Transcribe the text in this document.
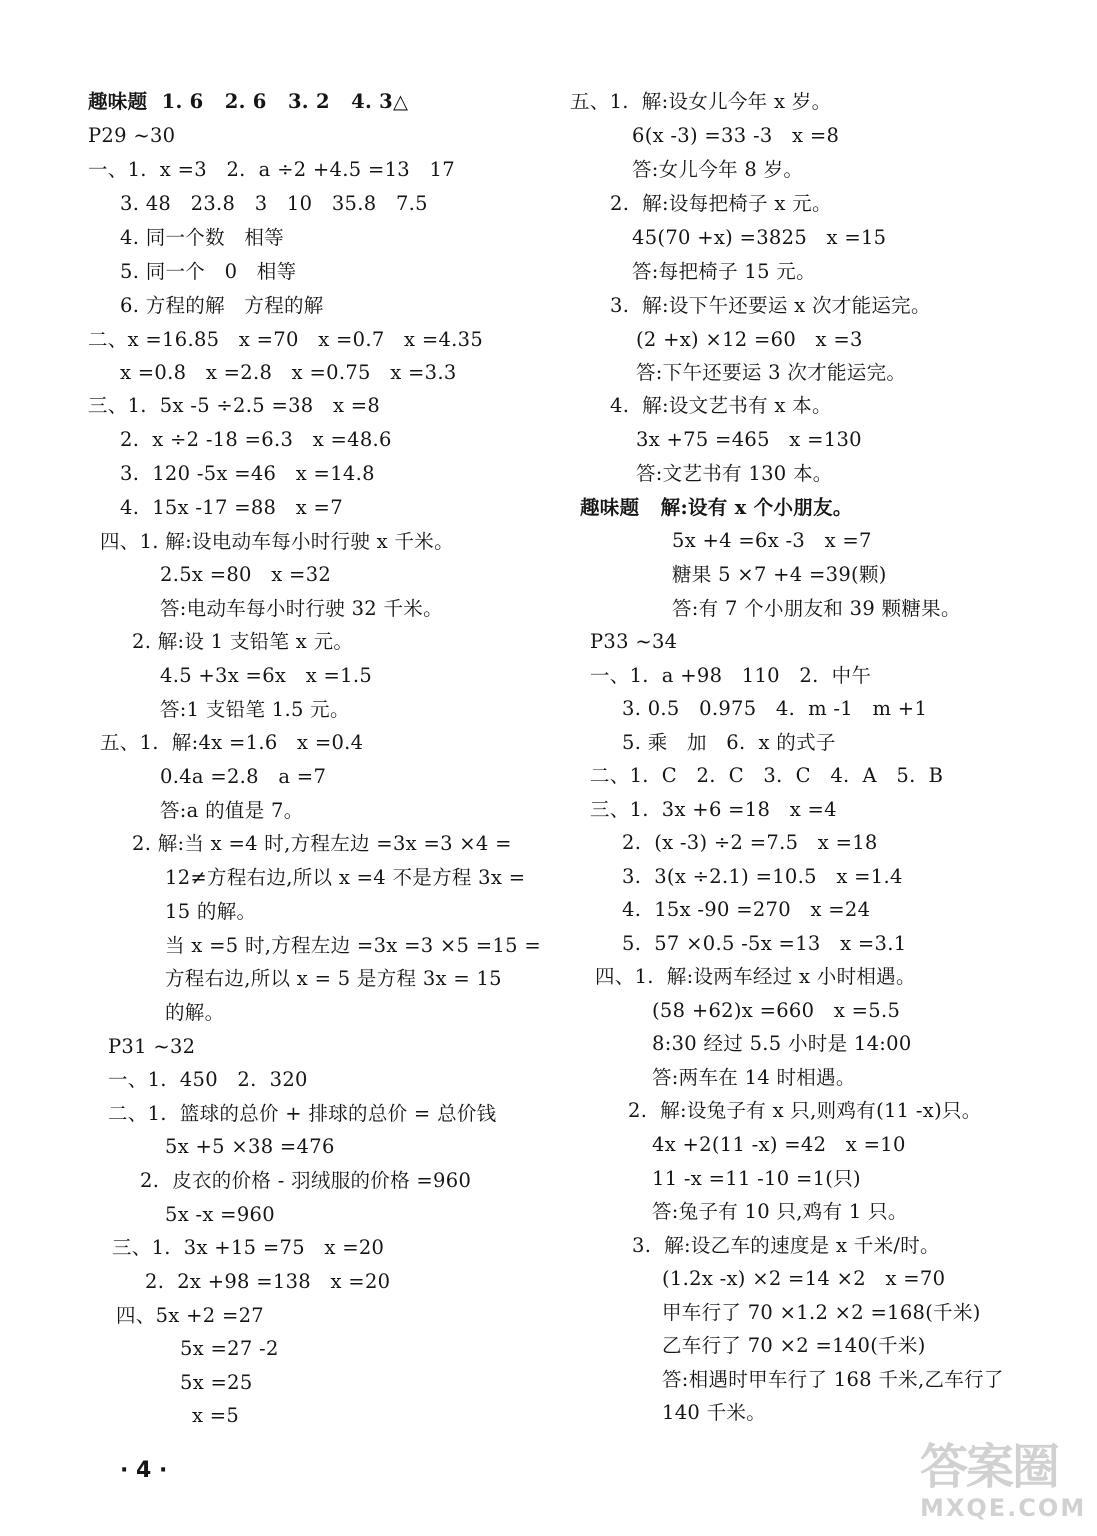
趣味题  1. 6   2. 6   3. 2   4. 3△
P29 ~30
一、1.  x =3   2.  a ÷2 +4.5 =13   17
3. 48   23.8   3   10   35.8   7.5
4. 同一个数   相等
5. 同一个   0   相等
6. 方程的解   方程的解
二、x =16.85   x =70   x =0.7   x =4.35
x =0.8   x =2.8   x =0.75   x =3.3
三、1.  5x -5 ÷2.5 =38   x =8
2.  x ÷2 -18 =6.3   x =48.6
3.  120 -5x =46   x =14.8
4.  15x -17 =88   x =7
四、1. 解:设电动车每小时行驶 x 千米。
2.5x =80   x =32
答:电动车每小时行驶 32 千米。
2. 解:设 1 支铅笔 x 元。
4.5 +3x =6x   x =1.5
答:1 支铅笔 1.5 元。
五、1.  解:4x =1.6   x =0.4
0.4a =2.8   a =7
答:a 的值是 7。
2. 解:当 x =4 时,方程左边 =3x =3 ×4 =
12≠方程右边,所以 x =4 不是方程 3x =
15 的解。
当 x =5 时,方程左边 =3x =3 ×5 =15 =
方程右边,所以 x = 5 是方程 3x = 15
的解。
P31 ~32
一、1.  450   2.  320
二、1.  篮球的总价 + 排球的总价 = 总价钱
5x +5 ×38 =476
2.  皮衣的价格 - 羽绒服的价格 =960
5x -x =960
三、1.  3x +15 =75   x =20
2.  2x +98 =138   x =20
四、5x +2 =27
5x =27 -2
5x =25
x =5
五、1.  解:设女儿今年 x 岁。
6(x -3) =33 -3   x =8
答:女儿今年 8 岁。
2.  解:设每把椅子 x 元。
45(70 +x) =3825   x =15
答:每把椅子 15 元。
3.  解:设下午还要运 x 次才能运完。
(2 +x) ×12 =60   x =3
答:下午还要运 3 次才能运完。
4.  解:设文艺书有 x 本。
3x +75 =465   x =130
答:文艺书有 130 本。
趣味题   解:设有 x 个小朋友。
5x +4 =6x -3   x =7
糖果 5 ×7 +4 =39(颗)
答:有 7 个小朋友和 39 颗糖果。
P33 ~34
一、1.  a +98   110   2.  中午
3. 0.5   0.975   4.  m -1   m +1
5. 乘   加   6.  x 的式子
二、1.  C   2.  C   3.  C   4.  A   5.  B
三、1.  3x +6 =18   x =4
2.  (x -3) ÷2 =7.5   x =18
3.  3(x ÷2.1) =10.5   x =1.4
4.  15x -90 =270   x =24
5.  57 ×0.5 -5x =13   x =3.1
四、1.  解:设两车经过 x 小时相遇。
(58 +62)x =660   x =5.5
8:30 经过 5.5 小时是 14:00
答:两车在 14 时相遇。
2.  解:设兔子有 x 只,则鸡有(11 -x)只。
4x +2(11 -x) =42   x =10
11 -x =11 -10 =1(只)
答:兔子有 10 只,鸡有 1 只。
3.  解:设乙车的速度是 x 千米/时。
(1.2x -x) ×2 =14 ×2   x =70
甲车行了 70 ×1.2 ×2 =168(千米)
乙车行了 70 ×2 =140(千米)
答:相遇时甲车行了 168 千米,乙车行了
140 千米。
· 4 ·	答案圈
MXQE.COM
